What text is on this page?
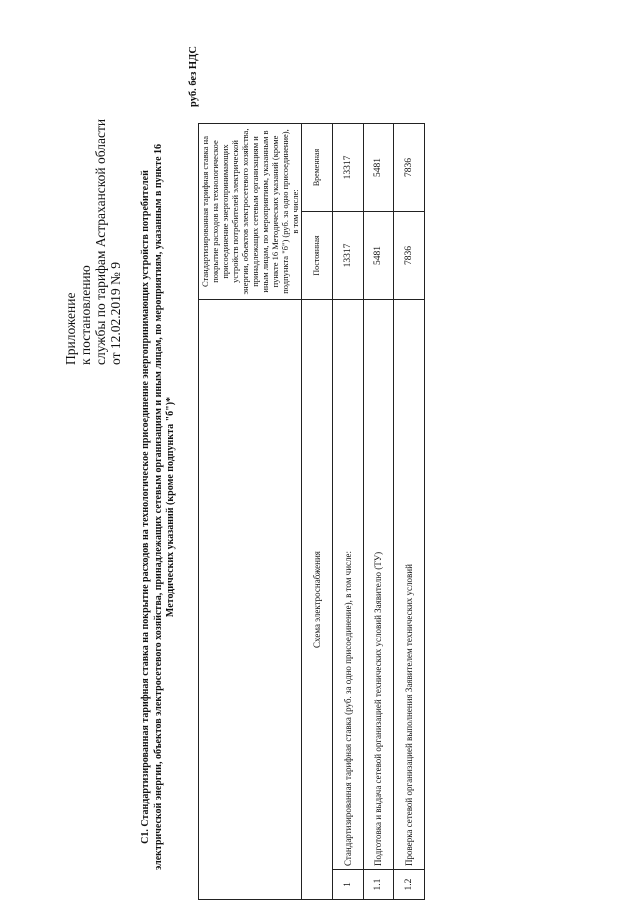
Приложение к постановлению службы по тарифам Астраханской области от 12.02.2019 № 9 С1. Стандартизированная тарифная ставка на покрытие расходов на технологическое присоединение энергопринимающих устройств потребителей электрической энергии, объектов электросетевого хозяйства, принадлежащих сетевым организациям и иным лицам, по мероприятиям, указанным в пункте 16 Методических указаний (кроме подпункта "б")*
руб. без НДС
		Стандартизированная тарифная ставка на покрытие расходов на технологическое присоединение энергопринимающих устройств потребителей электрической энергии, объектов электросетевого хозяйства, принадлежащих сетевым организациям и иным лицам, по мероприятиям, указанным в пункте 16 Методических указаний (кроме подпункта "б") (руб. за одно присоединение), в том числе:	
Схема электроснабжения		Постоянная	Временная
1	Стандартизированная тарифная ставка (руб. за одно присоединение), в том числе:	13317	13317
1.1	Подготовка и выдача сетевой организацией технических условий Заявителю (ТУ)	5481	5481
1.2	Проверка сетевой организацией выполнения Заявителем технических условий	7836	7836
